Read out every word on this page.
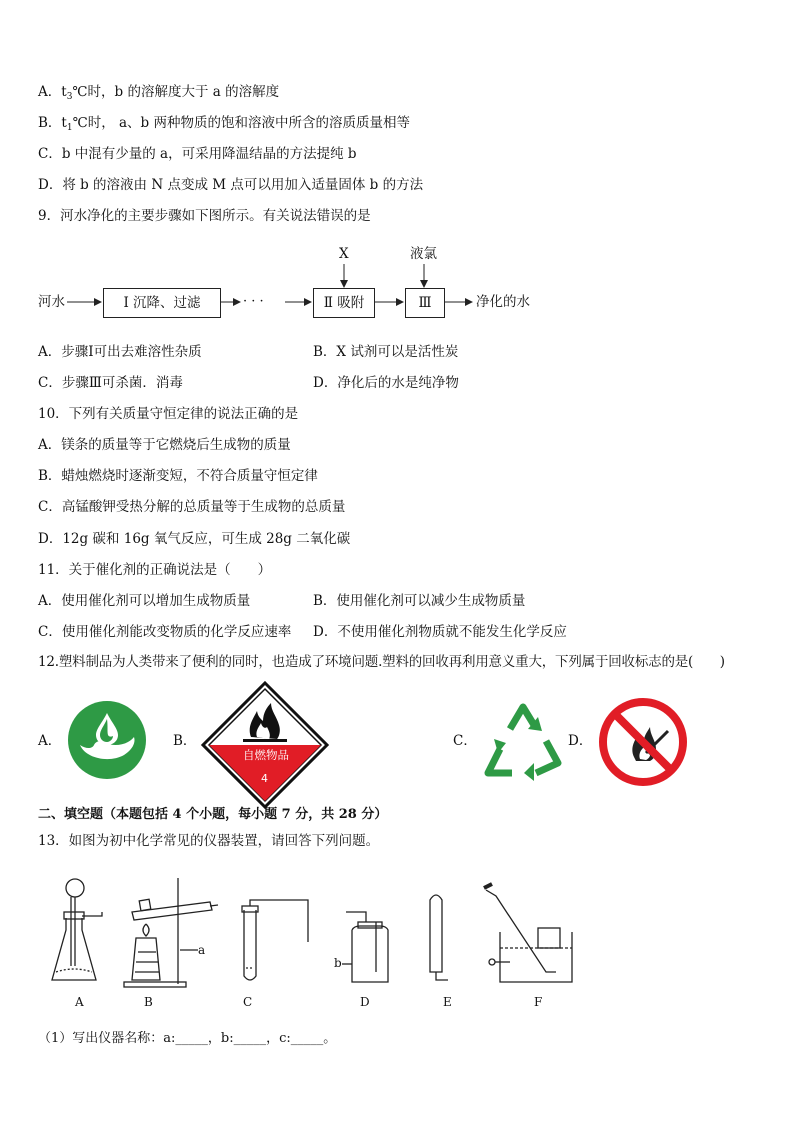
A．$t_3℃$时，b 的溶解度大于 a 的溶解度
B．$t_1℃$时， a、b 两种物质的饱和溶液中所含的溶质质量相等
C．b 中混有少量的 a，可采用降温结晶的方法提纯 b
D．将 b 的溶液由 N 点变成 M 点可以用加入适量固体 b 的方法
9．河水净化的主要步骤如下图所示。有关说法错误的是
河水	Ⅰ 沉降、过滤	· · ·	Ⅱ 吸附	Ⅲ
X	液氯
净化的水
A．步骤Ⅰ可出去难溶性杂质	B．X 试剂可以是活性炭
C．步骤Ⅲ可杀菌．消毒	D．净化后的水是纯净物
10．下列有关质量守恒定律的说法正确的是
A．镁条的质量等于它燃烧后生成物的质量
B．蜡烛燃烧时逐渐变短，不符合质量守恒定律
C．高锰酸钾受热分解的总质量等于生成物的总质量
D．12g 碳和 16g 氧气反应，可生成 28g 二氧化碳
11．关于催化剂的正确说法是（　　）
A．使用催化剂可以增加生成物质量	B．使用催化剂可以减少生成物质量
C．使用催化剂能改变物质的化学反应速率 D．不使用催化剂物质就不能发生化学反应
12.塑料制品为人类带来了便利的同时，也造成了环境问题.塑料的回收再利用意义重大，下列属于回收标志的是(　　)
A．	B．
自燃物品
4
C．	D．
二、填空题（本题包括 4 个小题，每小题 7 分，共 28 分）
13．如图为初中化学常见的仪器装置，请回答下列问题。
a
b
A	B	C	D	E	F
（1）写出仪器名称：a:_____，b:_____，c:_____。
